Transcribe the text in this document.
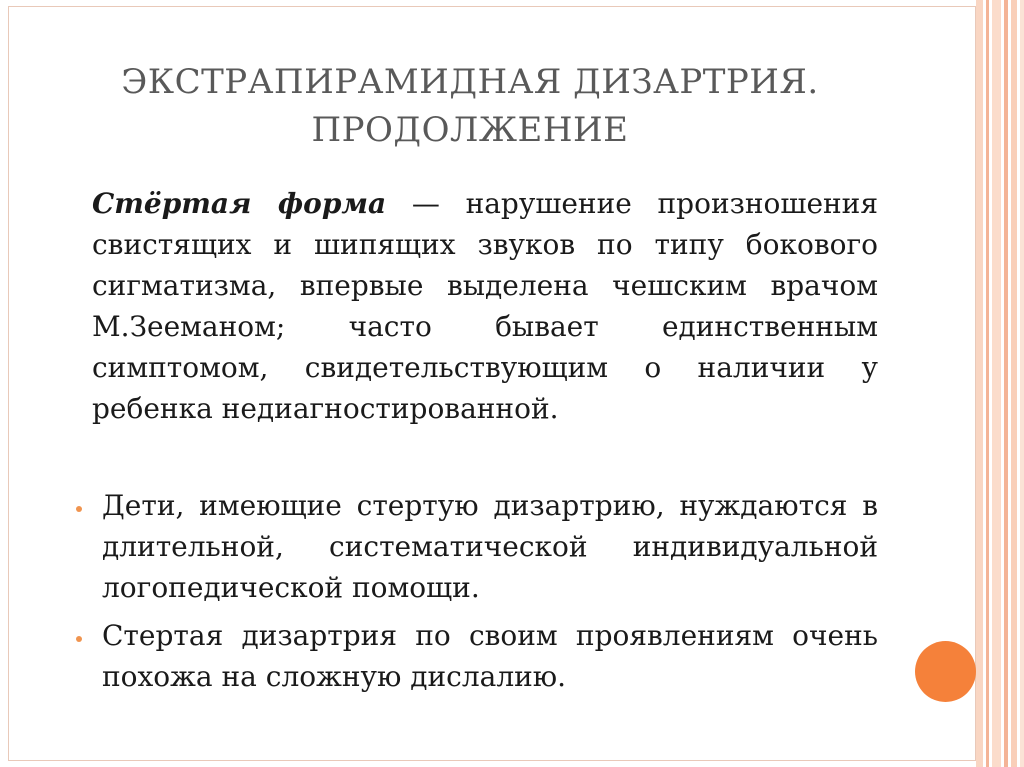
ЭКСТРАПИРАМИДНАЯ ДИЗАРТРИЯ.
ПРОДОЛЖЕНИЕ
Стёртая форма — нарушение произношения свистящих и шипящих звуков по типу бокового сигматизма, впервые выделена чешским врачом М.Зееманом; часто бывает единственным симптомом, свидетельствующим о наличии у ребенка недиагностированной.
Дети, имеющие стертую дизартрию, нуждаются в длительной, систематической индивидуальной логопедической помощи.
Стертая дизартрия по своим проявлениям очень похожа на сложную дислалию.
